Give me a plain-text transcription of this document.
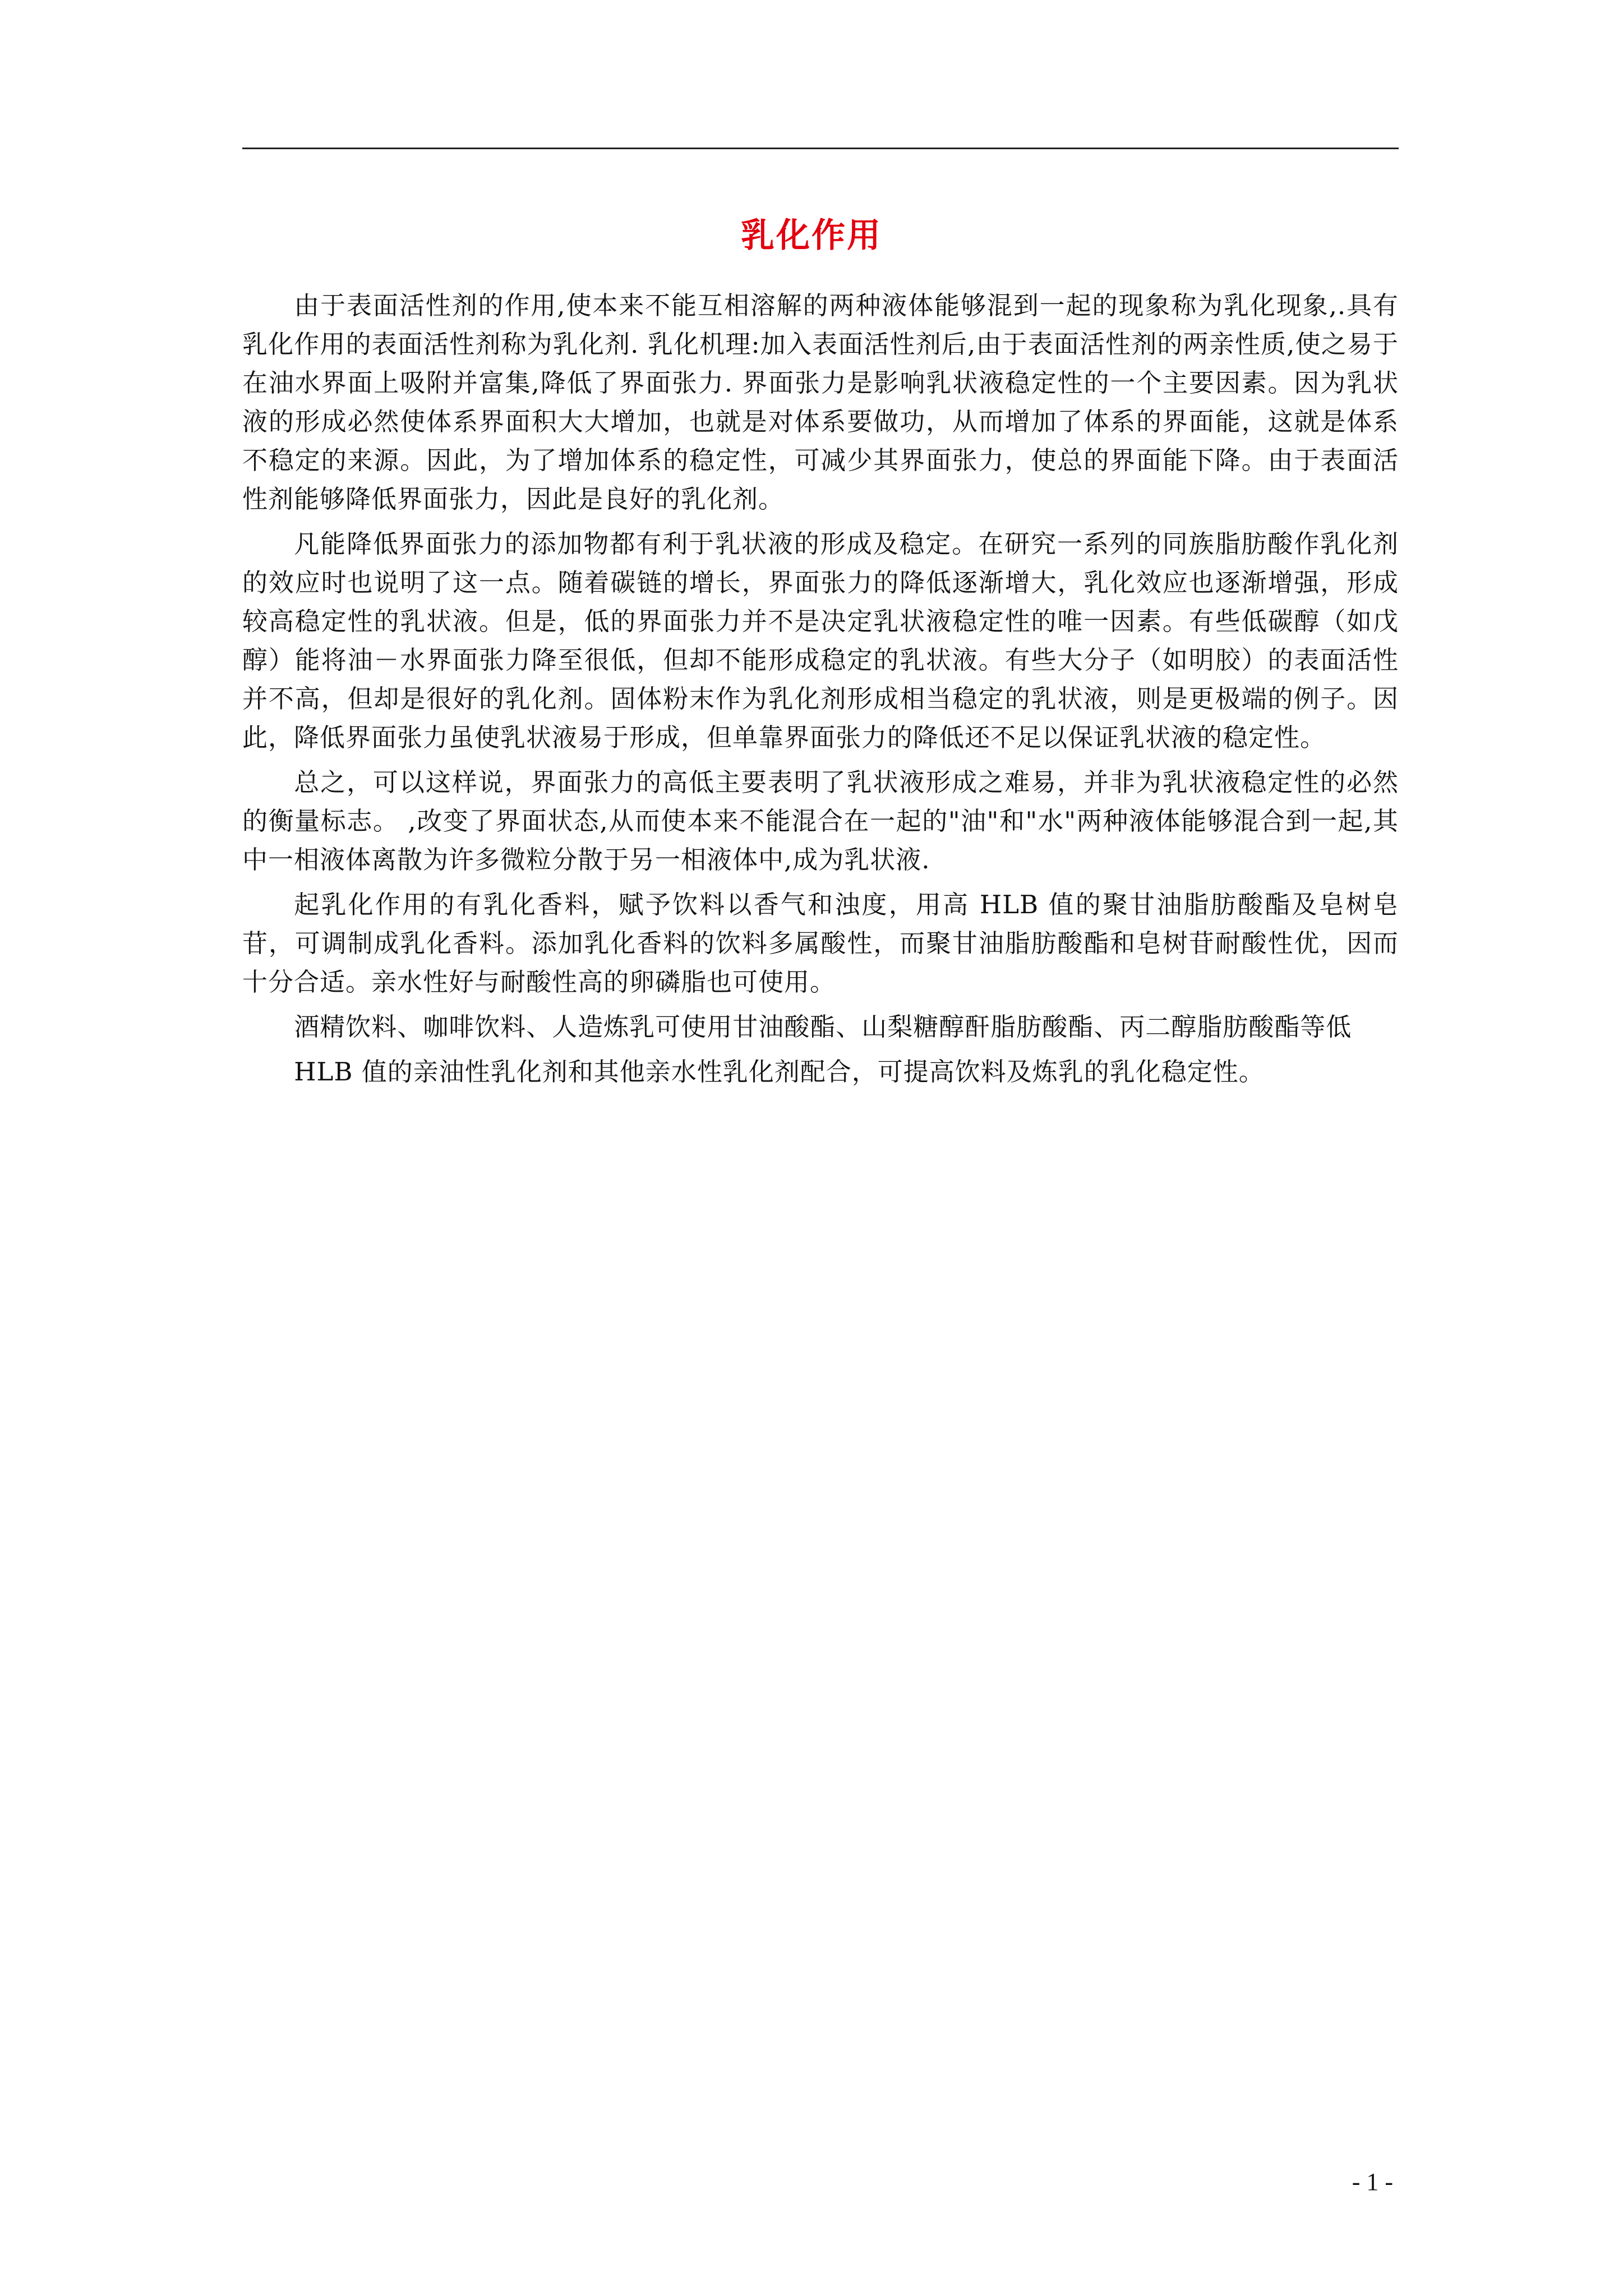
乳化作用

由于表面活性剂的作用,使本来不能互相溶解的两种液体能够混到一起的现象称为乳化现象,.具有乳化作用的表面活性剂称为乳化剂. 乳化机理:加入表面活性剂后,由于表面活性剂的两亲性质,使之易于在油水界面上吸附并富集,降低了界面张力. 界面张力是影响乳状液稳定性的一个主要因素。因为乳状液的形成必然使体系界面积大大增加，也就是对体系要做功，从而增加了体系的界面能，这就是体系不稳定的来源。因此，为了增加体系的稳定性，可减少其界面张力，使总的界面能下降。由于表面活性剂能够降低界面张力，因此是良好的乳化剂。

凡能降低界面张力的添加物都有利于乳状液的形成及稳定。在研究一系列的同族脂肪酸作乳化剂的效应时也说明了这一点。随着碳链的增长，界面张力的降低逐渐增大，乳化效应也逐渐增强，形成较高稳定性的乳状液。但是，低的界面张力并不是决定乳状液稳定性的唯一因素。有些低碳醇（如戊醇）能将油－水界面张力降至很低，但却不能形成稳定的乳状液。有些大分子（如明胶）的表面活性并不高，但却是很好的乳化剂。固体粉末作为乳化剂形成相当稳定的乳状液，则是更极端的例子。因此，降低界面张力虽使乳状液易于形成，但单靠界面张力的降低还不足以保证乳状液的稳定性。

总之，可以这样说，界面张力的高低主要表明了乳状液形成之难易，并非为乳状液稳定性的必然的衡量标志。 ,改变了界面状态,从而使本来不能混合在一起的"油"和"水"两种液体能够混合到一起,其中一相液体离散为许多微粒分散于另一相液体中,成为乳状液.

起乳化作用的有乳化香料，赋予饮料以香气和浊度，用高 HLB 值的聚甘油脂肪酸酯及皂树皂苷，可调制成乳化香料。添加乳化香料的饮料多属酸性，而聚甘油脂肪酸酯和皂树苷耐酸性优，因而十分合适。亲水性好与耐酸性高的卵磷脂也可使用。

酒精饮料、咖啡饮料、人造炼乳可使用甘油酸酯、山梨糖醇酐脂肪酸酯、丙二醇脂肪酸酯等低

HLB 值的亲油性乳化剂和其他亲水性乳化剂配合，可提高饮料及炼乳的乳化稳定性。

- 1 -
